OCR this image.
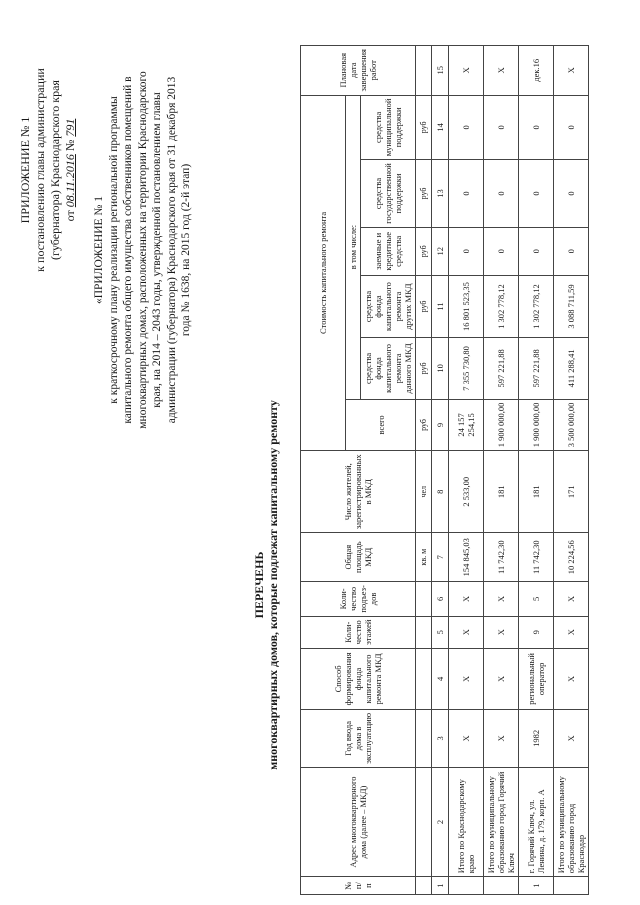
ПРИЛОЖЕНИЕ № 1 к постановлению главы администрации (губернатора) Краснодарского края от 08.11.2016 № 791
«ПРИЛОЖЕНИЕ № 1 к краткосрочному плану реализации региональной программы капитального ремонта общего имущества собственников помещений в многоквартирных домах, расположенных на территории Краснодарского края, на 2014 – 2043 годы, утвержденной постановлением главы администрации (губернатора) Краснодарского края от 31 декабря 2013 года № 1638, на 2015 год (2-й этап)
ПЕРЕЧЕНЬ многоквартирных домов, которые подлежат капитальному ремонту
№ п/п	Адрес многоквартирного дома (далее – МКД)	Год ввода дома в эксплуатацию	Способ формирования фонда капитального ремонта МКД	Коли-чество этажей	Коли-чество подъез-дов	Общая площадь МКД	Число жителей, зарегистрированных в МКД	Стоимость капитального ремонта						Плановая дата завершения работ
								всего	в том числе:					
									средства фонда капитального ремонта данного МКД	средства фонда капитального ремонта других МКД	заемные и кредитные средства	средства государственной поддержки	средства муниципальной поддержки	
						кв. м	чел	руб	руб	руб	руб	руб	руб	
1	2	3	4	5	6	7	8	9	10	11	12	13	14	15
	Итого по Краснодарскому краю	X	X	X	X	154 845,03	2 533,00	24 157 254,15	7 355 730,80	16 801 523,35	0	0	0	X
	Итого по муниципальному образованию город Горячий Ключ	X	X	X	X	11 742,30	181	1 900 000,00	597 221,88	1 302 778,12	0	0	0	X
1	г. Горячий Ключ, ул. Ленина, д. 179, корп. А	1982	региональный оператор	9	5	11 742,30	181	1 900 000,00	597 221,88	1 302 778,12	0	0	0	дек.16
	Итого по муниципальному образованию город Краснодар	X	X	X	X	10 224,56	171	3 500 000,00	411 288,41	3 088 711,59	0	0	0	X
